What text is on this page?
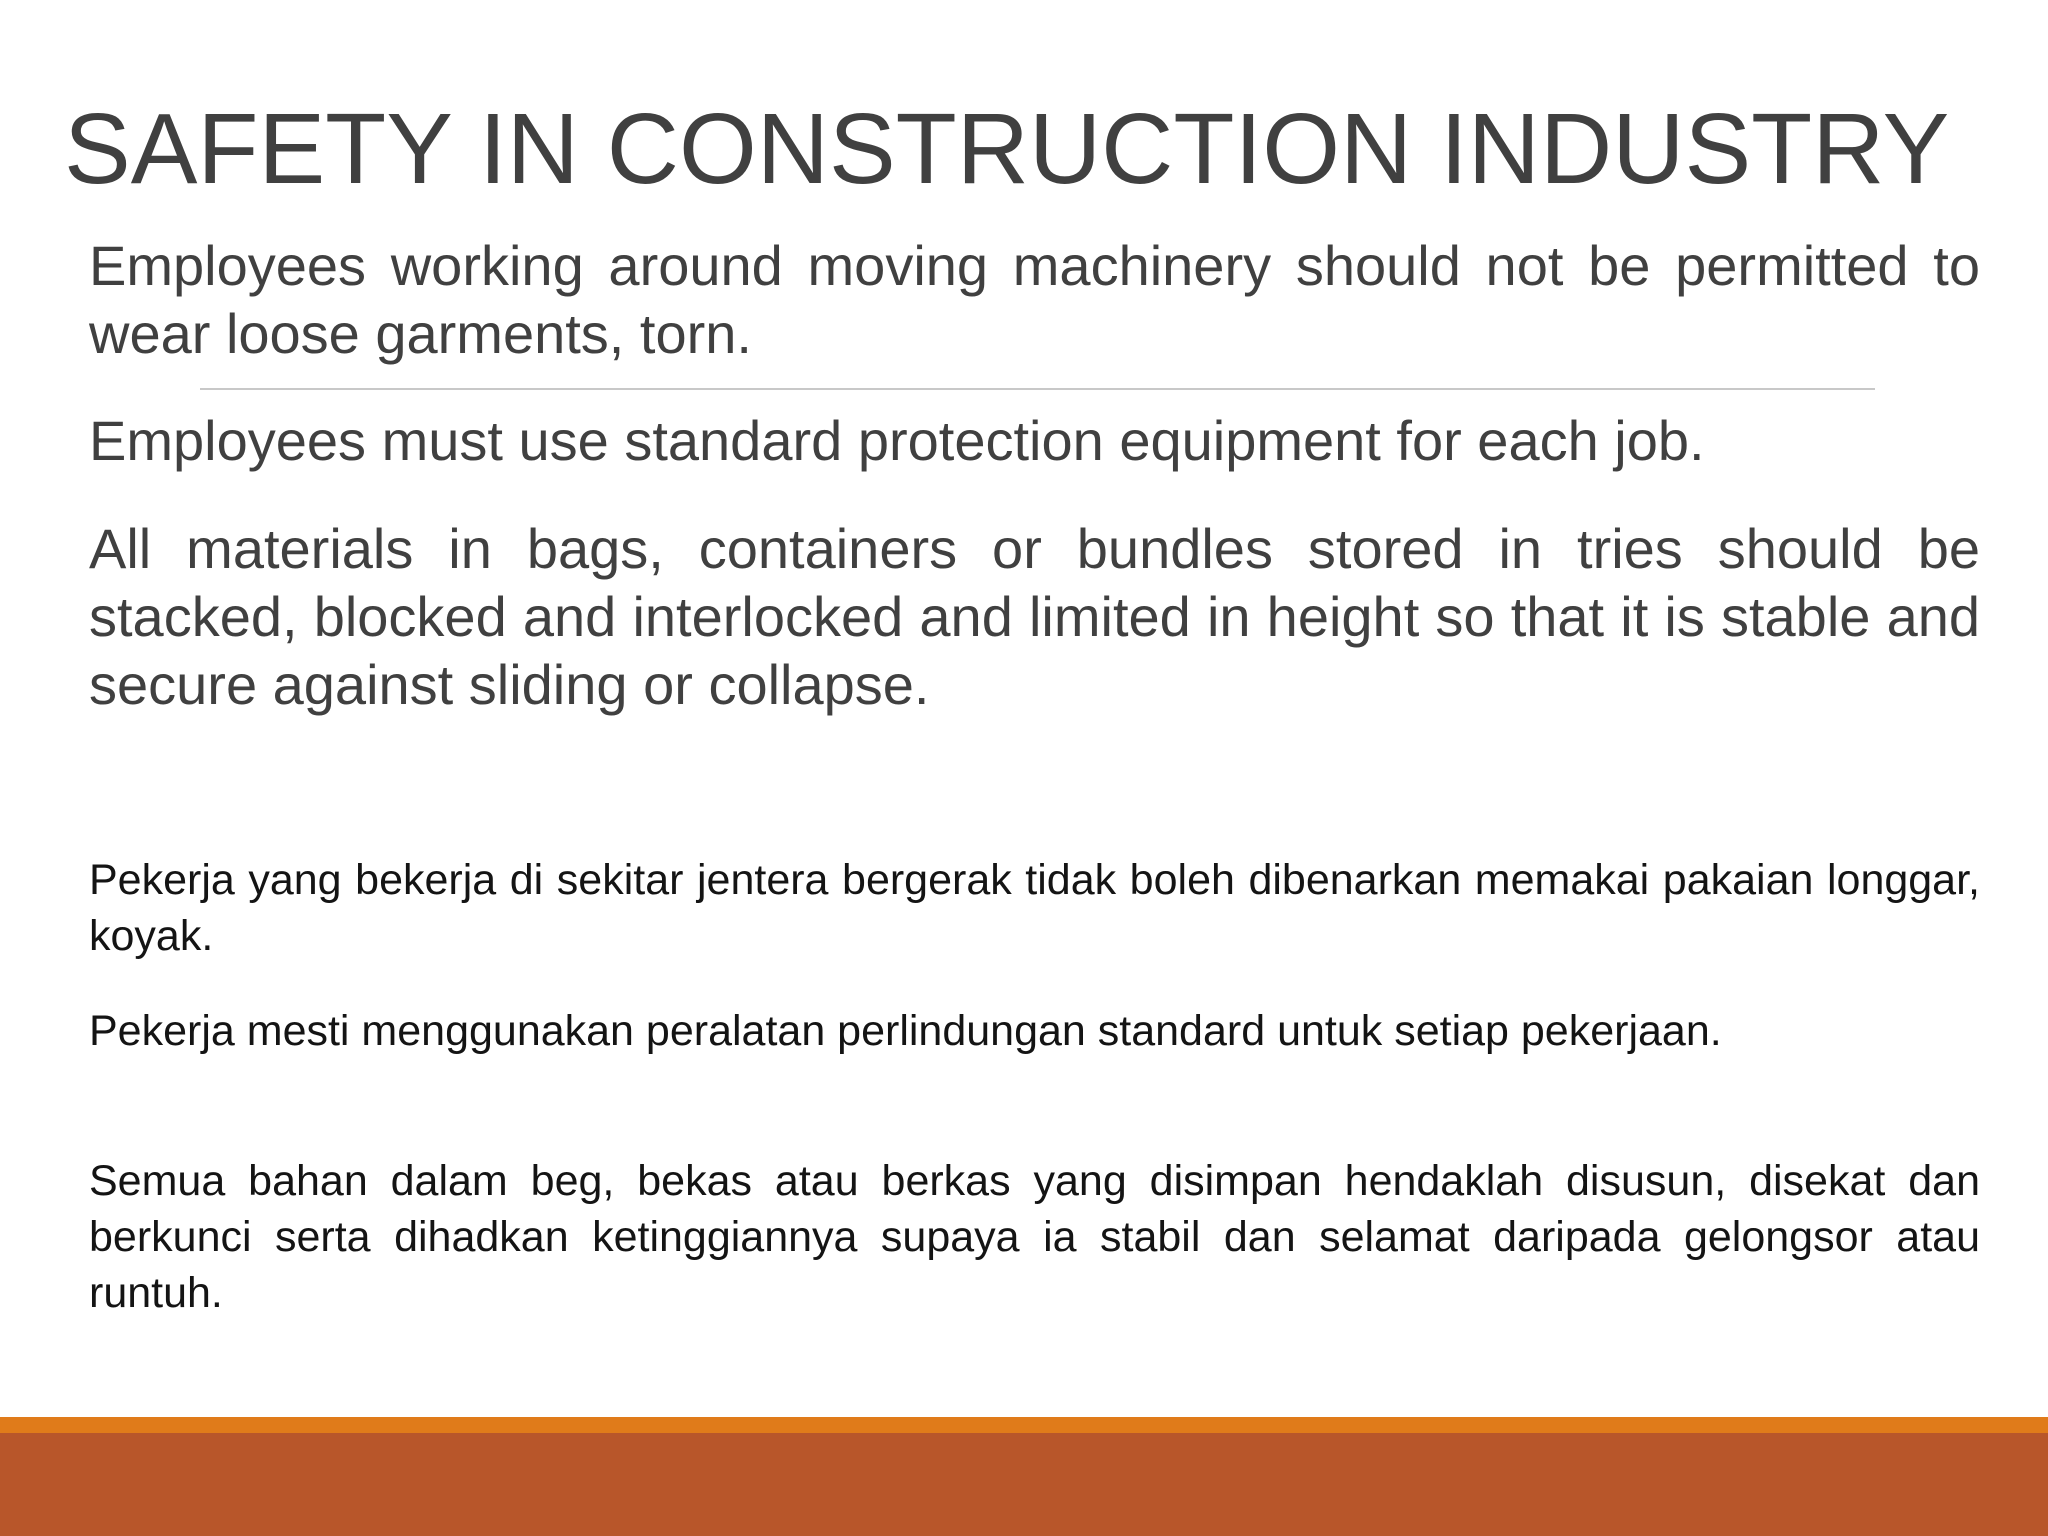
SAFETY IN CONSTRUCTION INDUSTRY

Employees working around moving machinery should not be permitted to wear loose garments, torn.

Employees must use standard protection equipment for each job.

All materials in bags, containers or bundles stored in tries should be stacked, blocked and interlocked and limited in height so that it is stable and secure against sliding or collapse.

Pekerja yang bekerja di sekitar jentera bergerak tidak boleh dibenarkan memakai pakaian longgar, koyak.

Pekerja mesti menggunakan peralatan perlindungan standard untuk setiap pekerjaan.

Semua bahan dalam beg, bekas atau berkas yang disimpan hendaklah disusun, disekat dan berkunci serta dihadkan ketinggiannya supaya ia stabil dan selamat daripada gelongsor atau runtuh.
